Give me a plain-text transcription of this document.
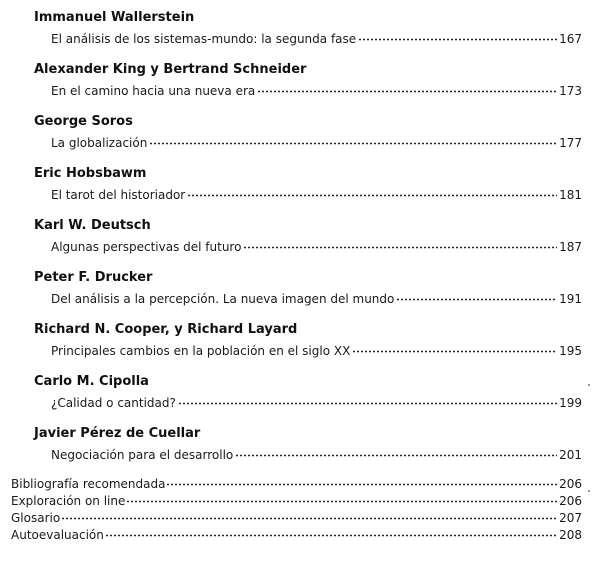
Immanuel Wallerstein
El análisis de los sistemas-mundo: la segunda fase	167
Alexander King y Bertrand Schneider
En el camino hacia una nueva era	173
George Soros
La globalización	177
Eric Hobsbawm
El tarot del historiador	181
Karl W. Deutsch
Algunas perspectivas del futuro	187
Peter F. Drucker
Del análisis a la percepción. La nueva imagen del mundo	191
Richard N. Cooper, y Richard Layard
Principales cambios en la población en el siglo XX	195
Carlo M. Cipolla
¿Calidad o cantidad?	199
Javier Pérez de Cuellar
Negociación para el desarrollo	201
Bibliografía recomendada	206
Exploración on line	206
Glosario	207
Autoevaluación	208
